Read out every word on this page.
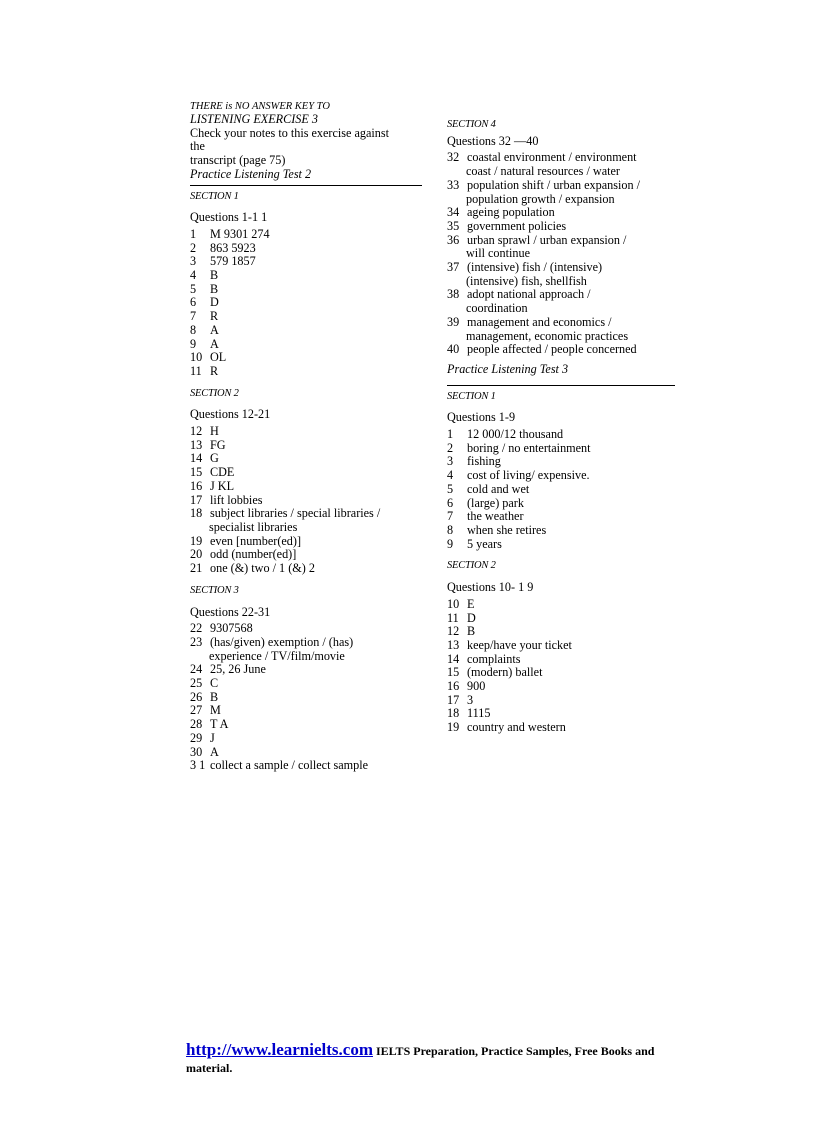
THERE is NO ANSWER KEY TO
LISTENING EXERCISE 3
Check your notes to this exercise against
the
transcript (page 75)
Practice Listening Test 2
SECTION 1
Questions 1-1 1
1 M 9301 274
2 863 5923
3 579 1857
4 B
5 B
6 D
7 R
8 A
9 A
10 OL
11 R
SECTION 2
Questions 12-21
12 H
13 FG
14 G
15 CDE
16 J KL
17 lift lobbies
18 subject libraries / special libraries /
specialist libraries
19 even [number(ed)]
20 odd (number(ed)]
21 one (&) two / 1 (&) 2
SECTION 3
Questions 22-31
22 9307568
23 (has/given) exemption / (has)
experience / TV/film/movie
24 25, 26 June
25 C
26 B
27 M
28 T A
29 J
30 A
3 1 collect a sample / collect sample
SECTION 4
Questions 32 —40
32 coastal environment / environment
coast / natural resources / water
33 population shift / urban expansion /
population growth / expansion
34 ageing population
35 government policies
36 urban sprawl / urban expansion /
will continue
37 (intensive) fish / (intensive)
(intensive) fish, shellfish
38 adopt national approach /
coordination
39 management and economics /
management, economic practices
40 people affected / people concerned
Practice Listening Test 3
SECTION 1
Questions 1-9
1 12 000/12 thousand
2 boring / no entertainment
3 fishing
4 cost of living/ expensive.
5 cold and wet
6 (large) park
7 the weather
8 when she retires
9 5 years
SECTION 2
Questions 10- 1 9
10 E
11 D
12 B
13 keep/have your ticket
14 complaints
15 (modern) ballet
16 900
17 3
18 1115
19 country and western
http://www.learnielts.com IELTS Preparation, Practice Samples, Free Books and material.
